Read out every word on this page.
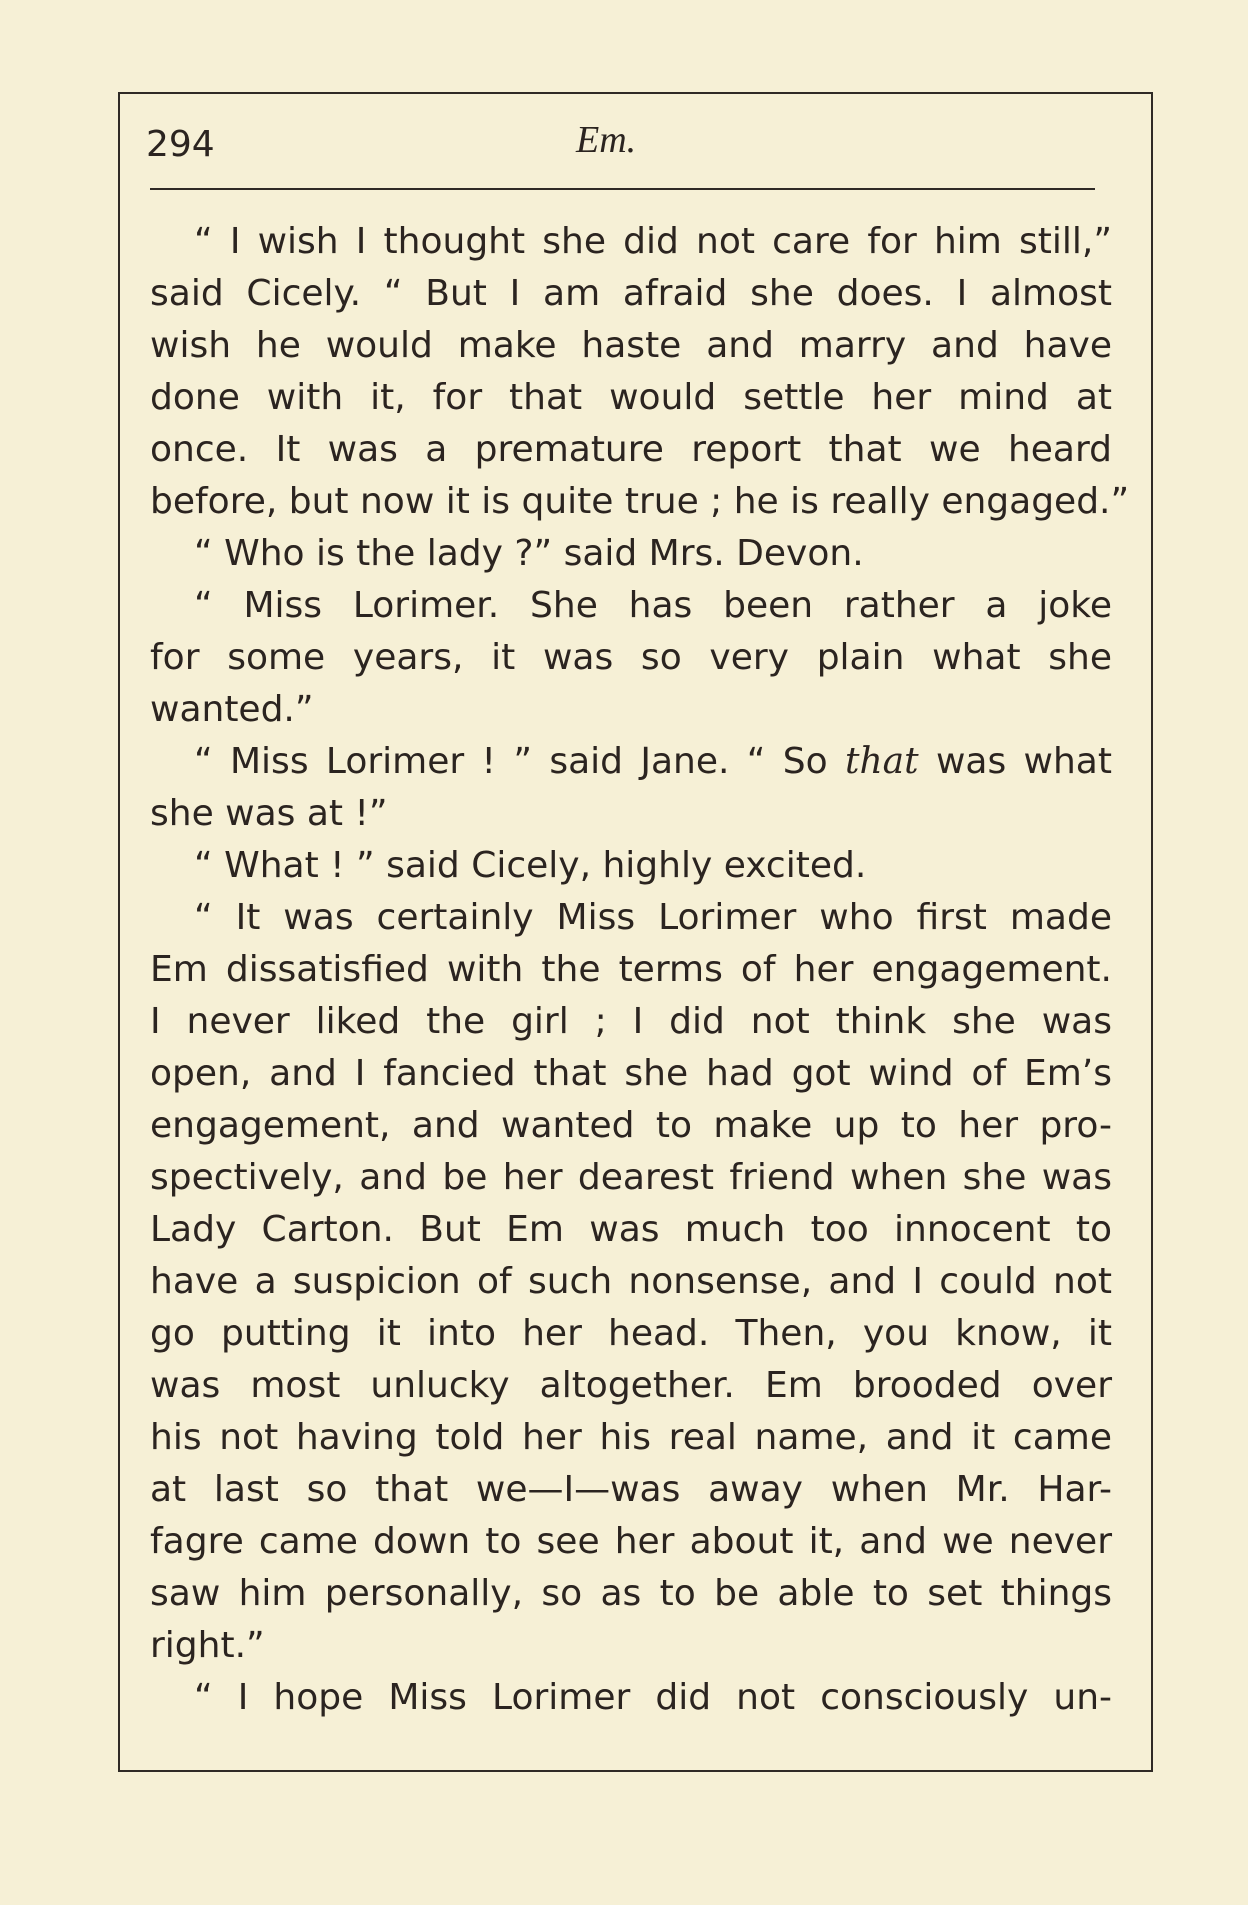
294	Em.
“ I wish I thought she did not care for him still,”
said Cicely. “ But I am afraid she does. I almost
wish he would make haste and marry and have
done with it, for that would settle her mind at
once. It was a premature report that we heard
before, but now it is quite true ; he is really engaged.”
“ Who is the lady ?” said Mrs. Devon.
“ Miss Lorimer. She has been rather a joke
for some years, it was so very plain what she
wanted.”
“ Miss Lorimer ! ” said Jane. “ So that was what
she was at !”
“ What ! ” said Cicely, highly excited.
“ It was certainly Miss Lorimer who first made
Em dissatisfied with the terms of her engagement.
I never liked the girl ; I did not think she was
open, and I fancied that she had got wind of Em’s
engagement, and wanted to make up to her pro-
spectively, and be her dearest friend when she was
Lady Carton. But Em was much too innocent to
have a suspicion of such nonsense, and I could not
go putting it into her head. Then, you know, it
was most unlucky altogether. Em brooded over
his not having told her his real name, and it came
at last so that we—I—was away when Mr. Har-
fagre came down to see her about it, and we never
saw him personally, so as to be able to set things
right.”
“ I hope Miss Lorimer did not consciously un-
